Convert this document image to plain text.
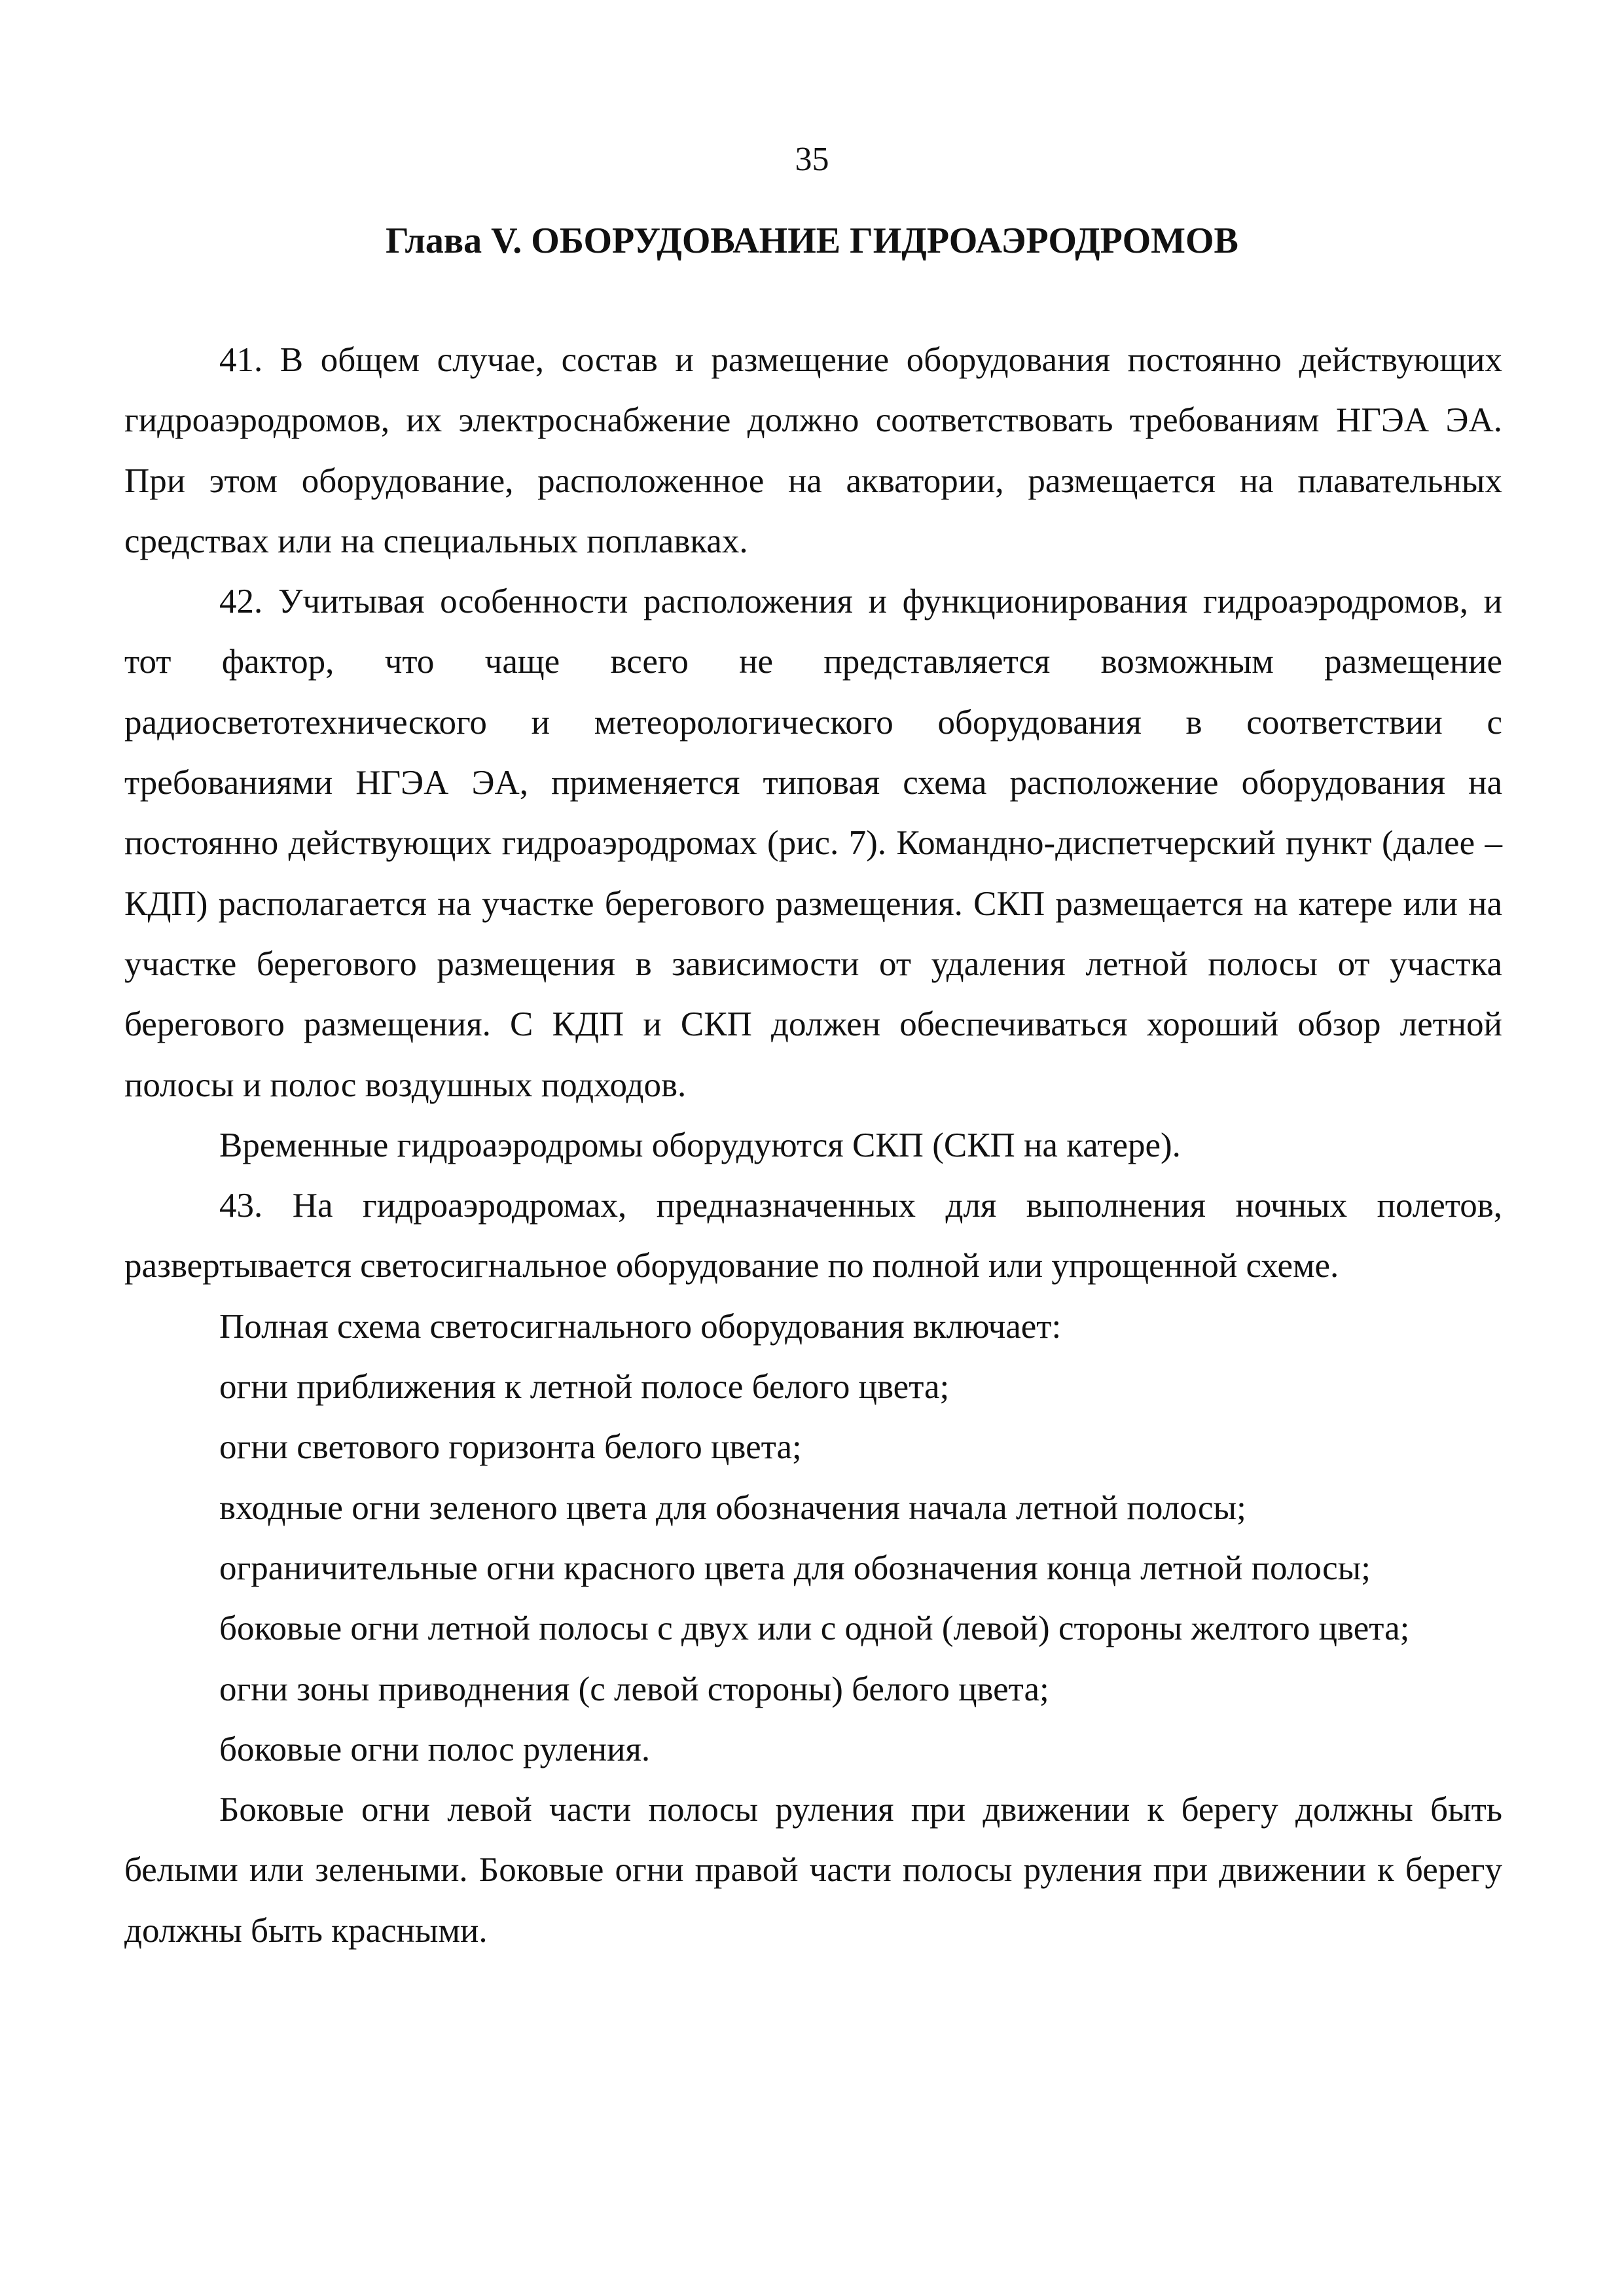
35
Глава V. ОБОРУДОВАНИЕ ГИДРОАЭРОДРОМОВ

41. В общем случае, состав и размещение оборудования постоянно действующих гидроаэродромов, их электроснабжение должно соответствовать требованиям НГЭА ЭА. При этом оборудование, расположенное на акватории, размещается на плавательных средствах или на специальных поплавках.

42. Учитывая особенности расположения и функционирования гидроаэродромов, и тот фактор, что чаще всего не представляется возможным размещение радиосветотехнического и метеорологического оборудования в соответствии с требованиями НГЭА ЭА, применяется типовая схема расположение оборудования на постоянно действующих гидроаэродромах (рис. 7). Командно-диспетчерский пункт (далее – КДП) располагается на участке берегового размещения. СКП размещается на катере или на участке берегового размещения в зависимости от удаления летной полосы от участка берегового размещения. С КДП и СКП должен обеспечиваться хороший обзор летной полосы и полос воздушных подходов.

Временные гидроаэродромы оборудуются СКП (СКП на катере).

43. На гидроаэродромах, предназначенных для выполнения ночных полетов, развертывается светосигнальное оборудование по полной или упрощенной схеме.

Полная схема светосигнального оборудования включает:

огни приближения к летной полосе белого цвета;

огни светового горизонта белого цвета;

входные огни зеленого цвета для обозначения начала летной полосы;

ограничительные огни красного цвета для обозначения конца летной полосы;

боковые огни летной полосы с двух или с одной (левой) стороны желтого цвета;

огни зоны приводнения (с левой стороны) белого цвета;

боковые огни полос руления.

Боковые огни левой части полосы руления при движении к берегу должны быть белыми или зелеными. Боковые огни правой части полосы руления при движении к берегу должны быть красными.
